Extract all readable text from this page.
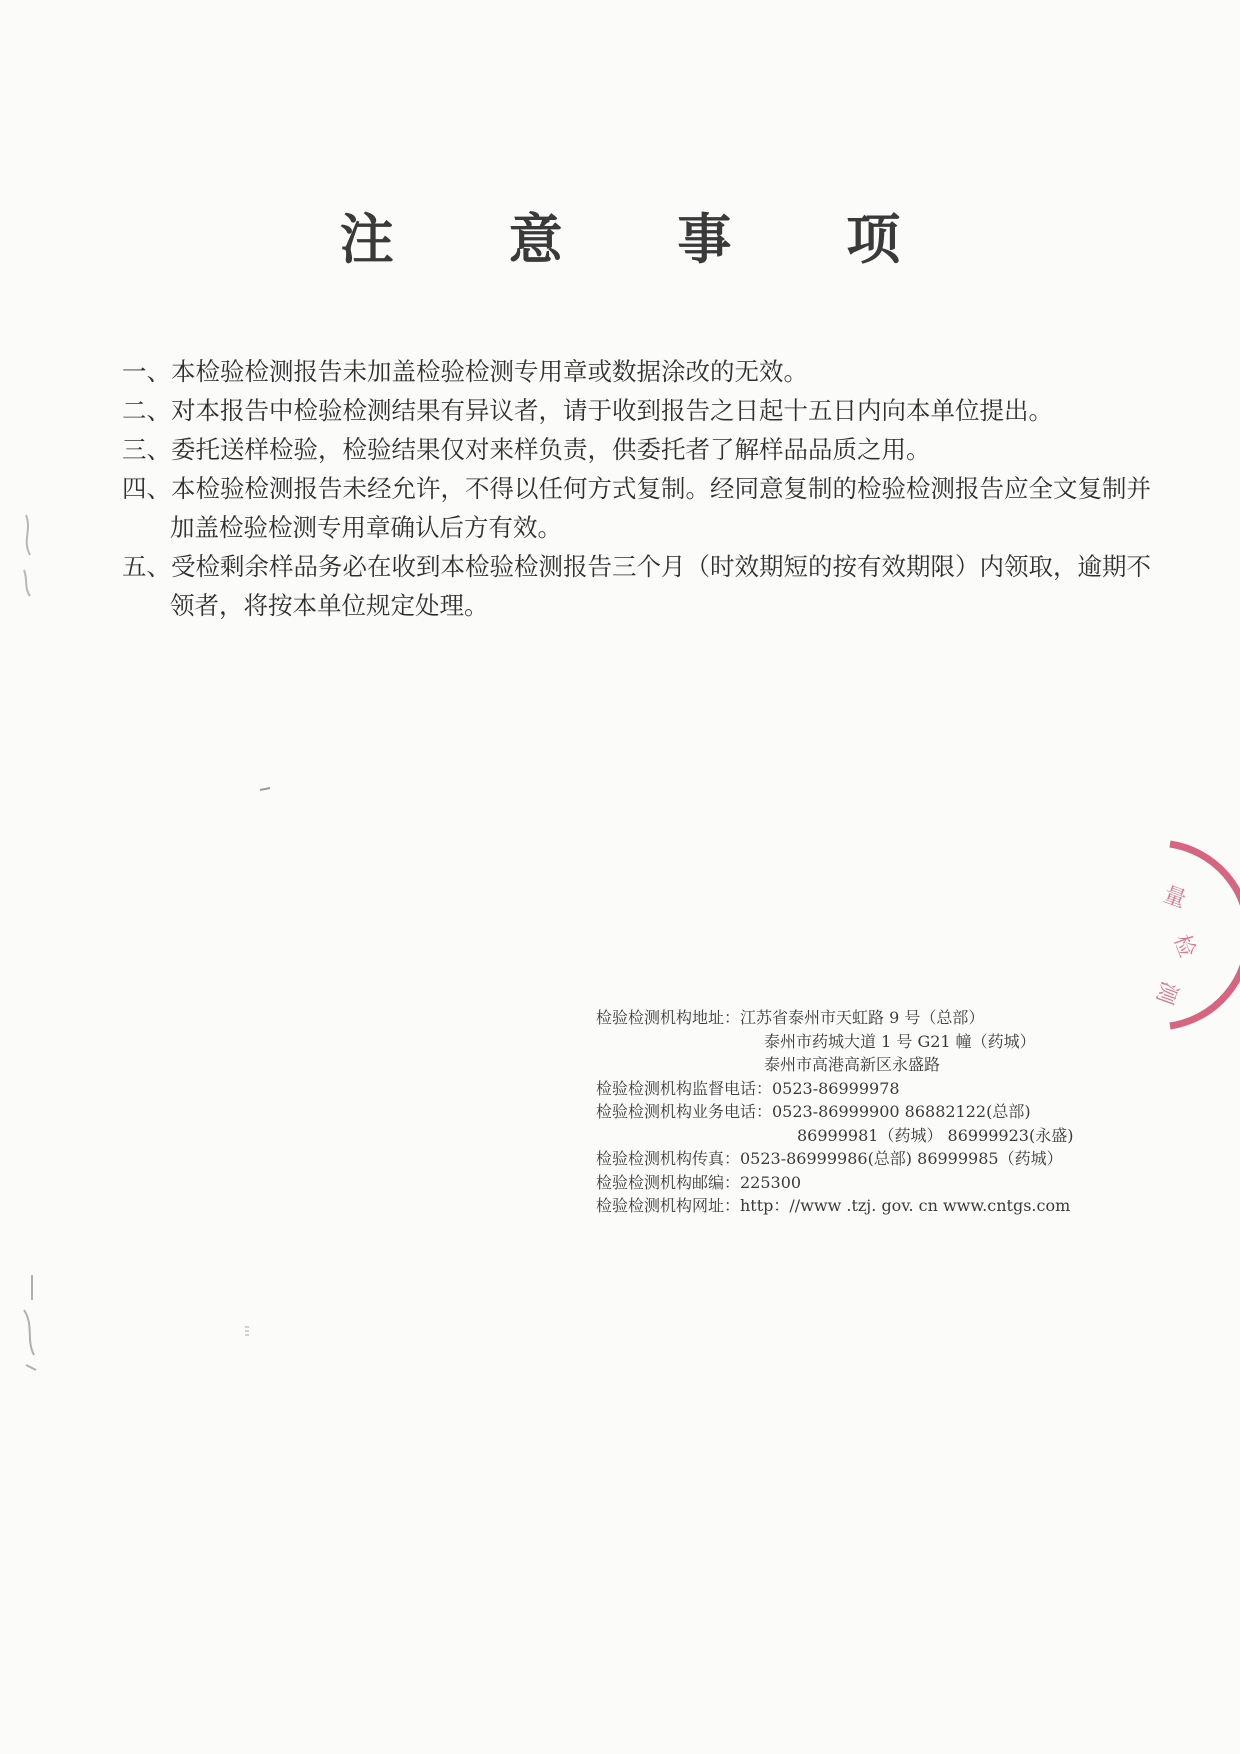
注 意 事 项
一、本检验检测报告未加盖检验检测专用章或数据涂改的无效。
二、对本报告中检验检测结果有异议者，请于收到报告之日起十五日内向本单位提出。
三、委托送样检验，检验结果仅对来样负责，供委托者了解样品品质之用。
四、本检验检测报告未经允许，不得以任何方式复制。经同意复制的检验检测报告应全文复制并加盖检验检测专用章确认后方有效。
五、受检剩余样品务必在收到本检验检测报告三个月（时效期短的按有效期限）内领取，逾期不领者，将按本单位规定处理。
检验检测机构地址：江苏省泰州市天虹路 9 号（总部）
泰州市药城大道 1 号 G21 幢（药城）
泰州市高港高新区永盛路
检验检测机构监督电话：0523-86999978
检验检测机构业务电话：0523-86999900 86882122(总部)
86999981（药城） 86999923(永盛)
检验检测机构传真：0523-86999986(总部) 86999985（药城）
检验检测机构邮编：225300
检验检测机构网址：http：//www .tzj. gov. cn www.cntgs.com
量
检
测
